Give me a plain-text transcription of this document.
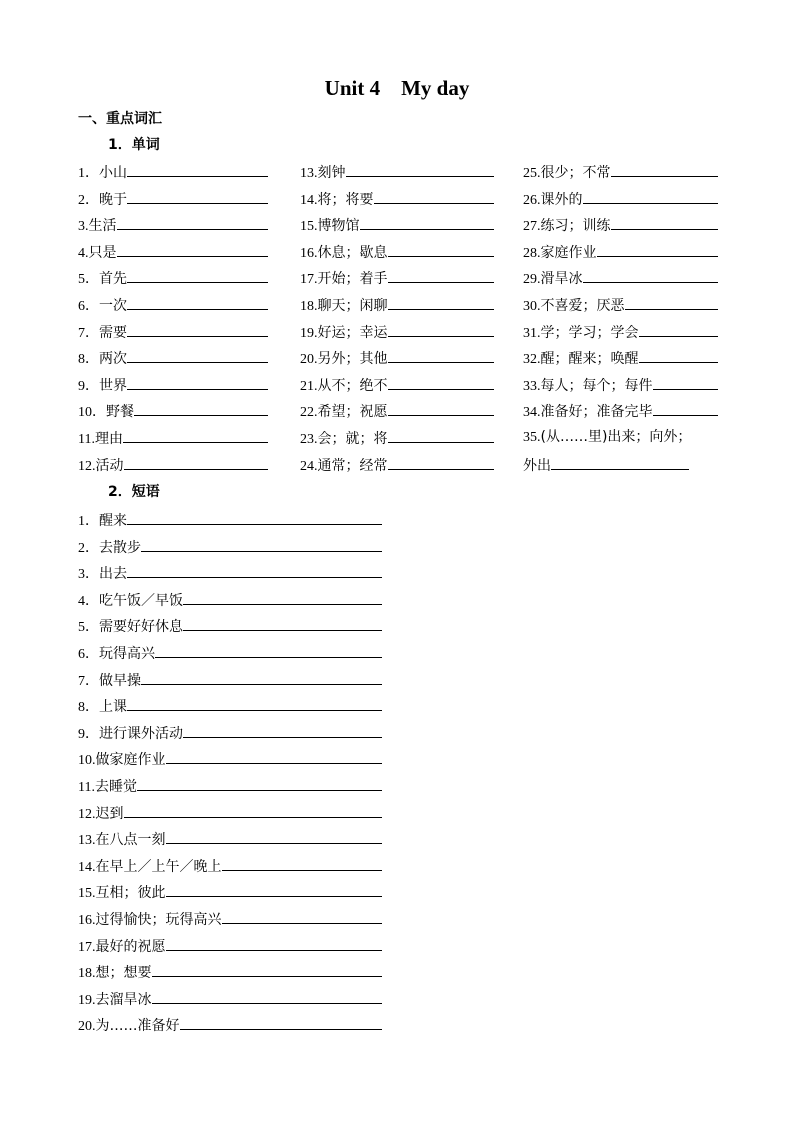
Unit 4    My day
一、重点词汇
1．单词
2．短语
1． 小山
2． 晚于
3. 生活
4. 只是
5． 首先
6． 一次
7． 需要
8． 两次
9． 世界
10． 野餐
11. 理由
12. 活动
13. 刻钟
14. 将；将要
15. 博物馆
16. 休息；歇息
17. 开始；着手
18. 聊天；闲聊
19. 好运；幸运
20. 另外；其他
21. 从不；绝不
22. 希望；祝愿
23. 会；就；将
24. 通常；经常
25. 很少；不常
26. 课外的
27. 练习；训练
28. 家庭作业
29. 滑旱冰
30. 不喜爱；厌恶
31. 学；学习；学会
32. 醒；醒来；唤醒
33. 每人；每个；每件
34. 准备好；准备完毕
35. (从……里)出来；向外；
外出
1． 醒来
2． 去散步
3． 出去
4． 吃午饭／早饭
5． 需要好好休息
6． 玩得高兴
7． 做早操
8． 上课
9． 进行课外活动
10. 做家庭作业
11. 去睡觉
12. 迟到
13. 在八点一刻
14. 在早上／上午／晚上
15. 互相；彼此
16. 过得愉快；玩得高兴
17. 最好的祝愿
18. 想；想要
19. 去溜旱冰
20. 为……准备好
